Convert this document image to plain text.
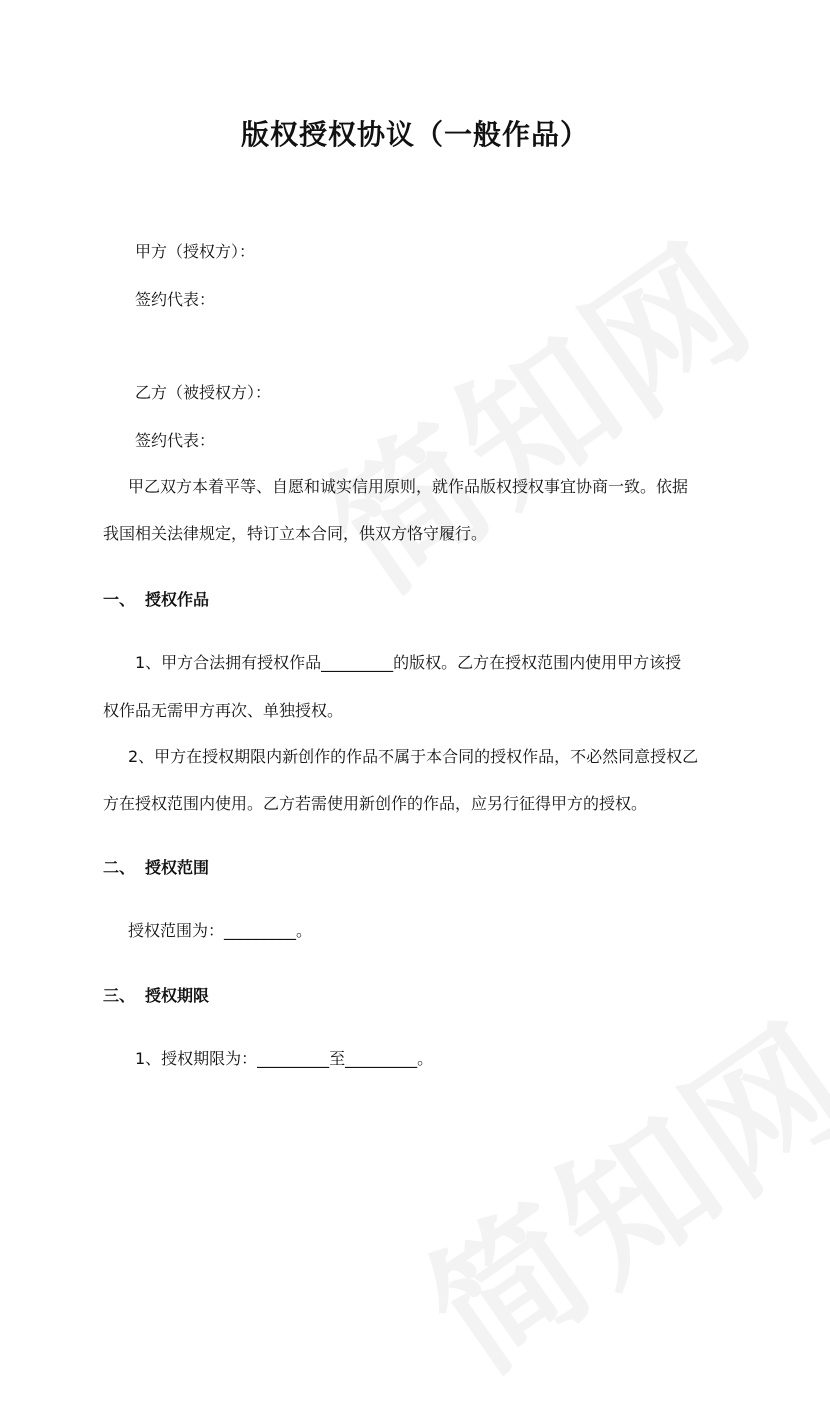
版权授权协议（一般作品）
甲方（授权方）：
签约代表：
乙方（被授权方）：
签约代表：
甲乙双方本着平等、自愿和诚实信用原则，就作品版权授权事宜协商一致。依据
我国相关法律规定，特订立本合同，供双方恪守履行。
一、 授权作品
1、甲方合法拥有授权作品_________的版权。乙方在授权范围内使用甲方该授
权作品无需甲方再次、单独授权。
2、甲方在授权期限内新创作的作品不属于本合同的授权作品，不必然同意授权乙
方在授权范围内使用。乙方若需使用新创作的作品，应另行征得甲方的授权。
二、 授权范围
授权范围为：_________。
三、 授权期限
1、授权期限为：_________至_________。
